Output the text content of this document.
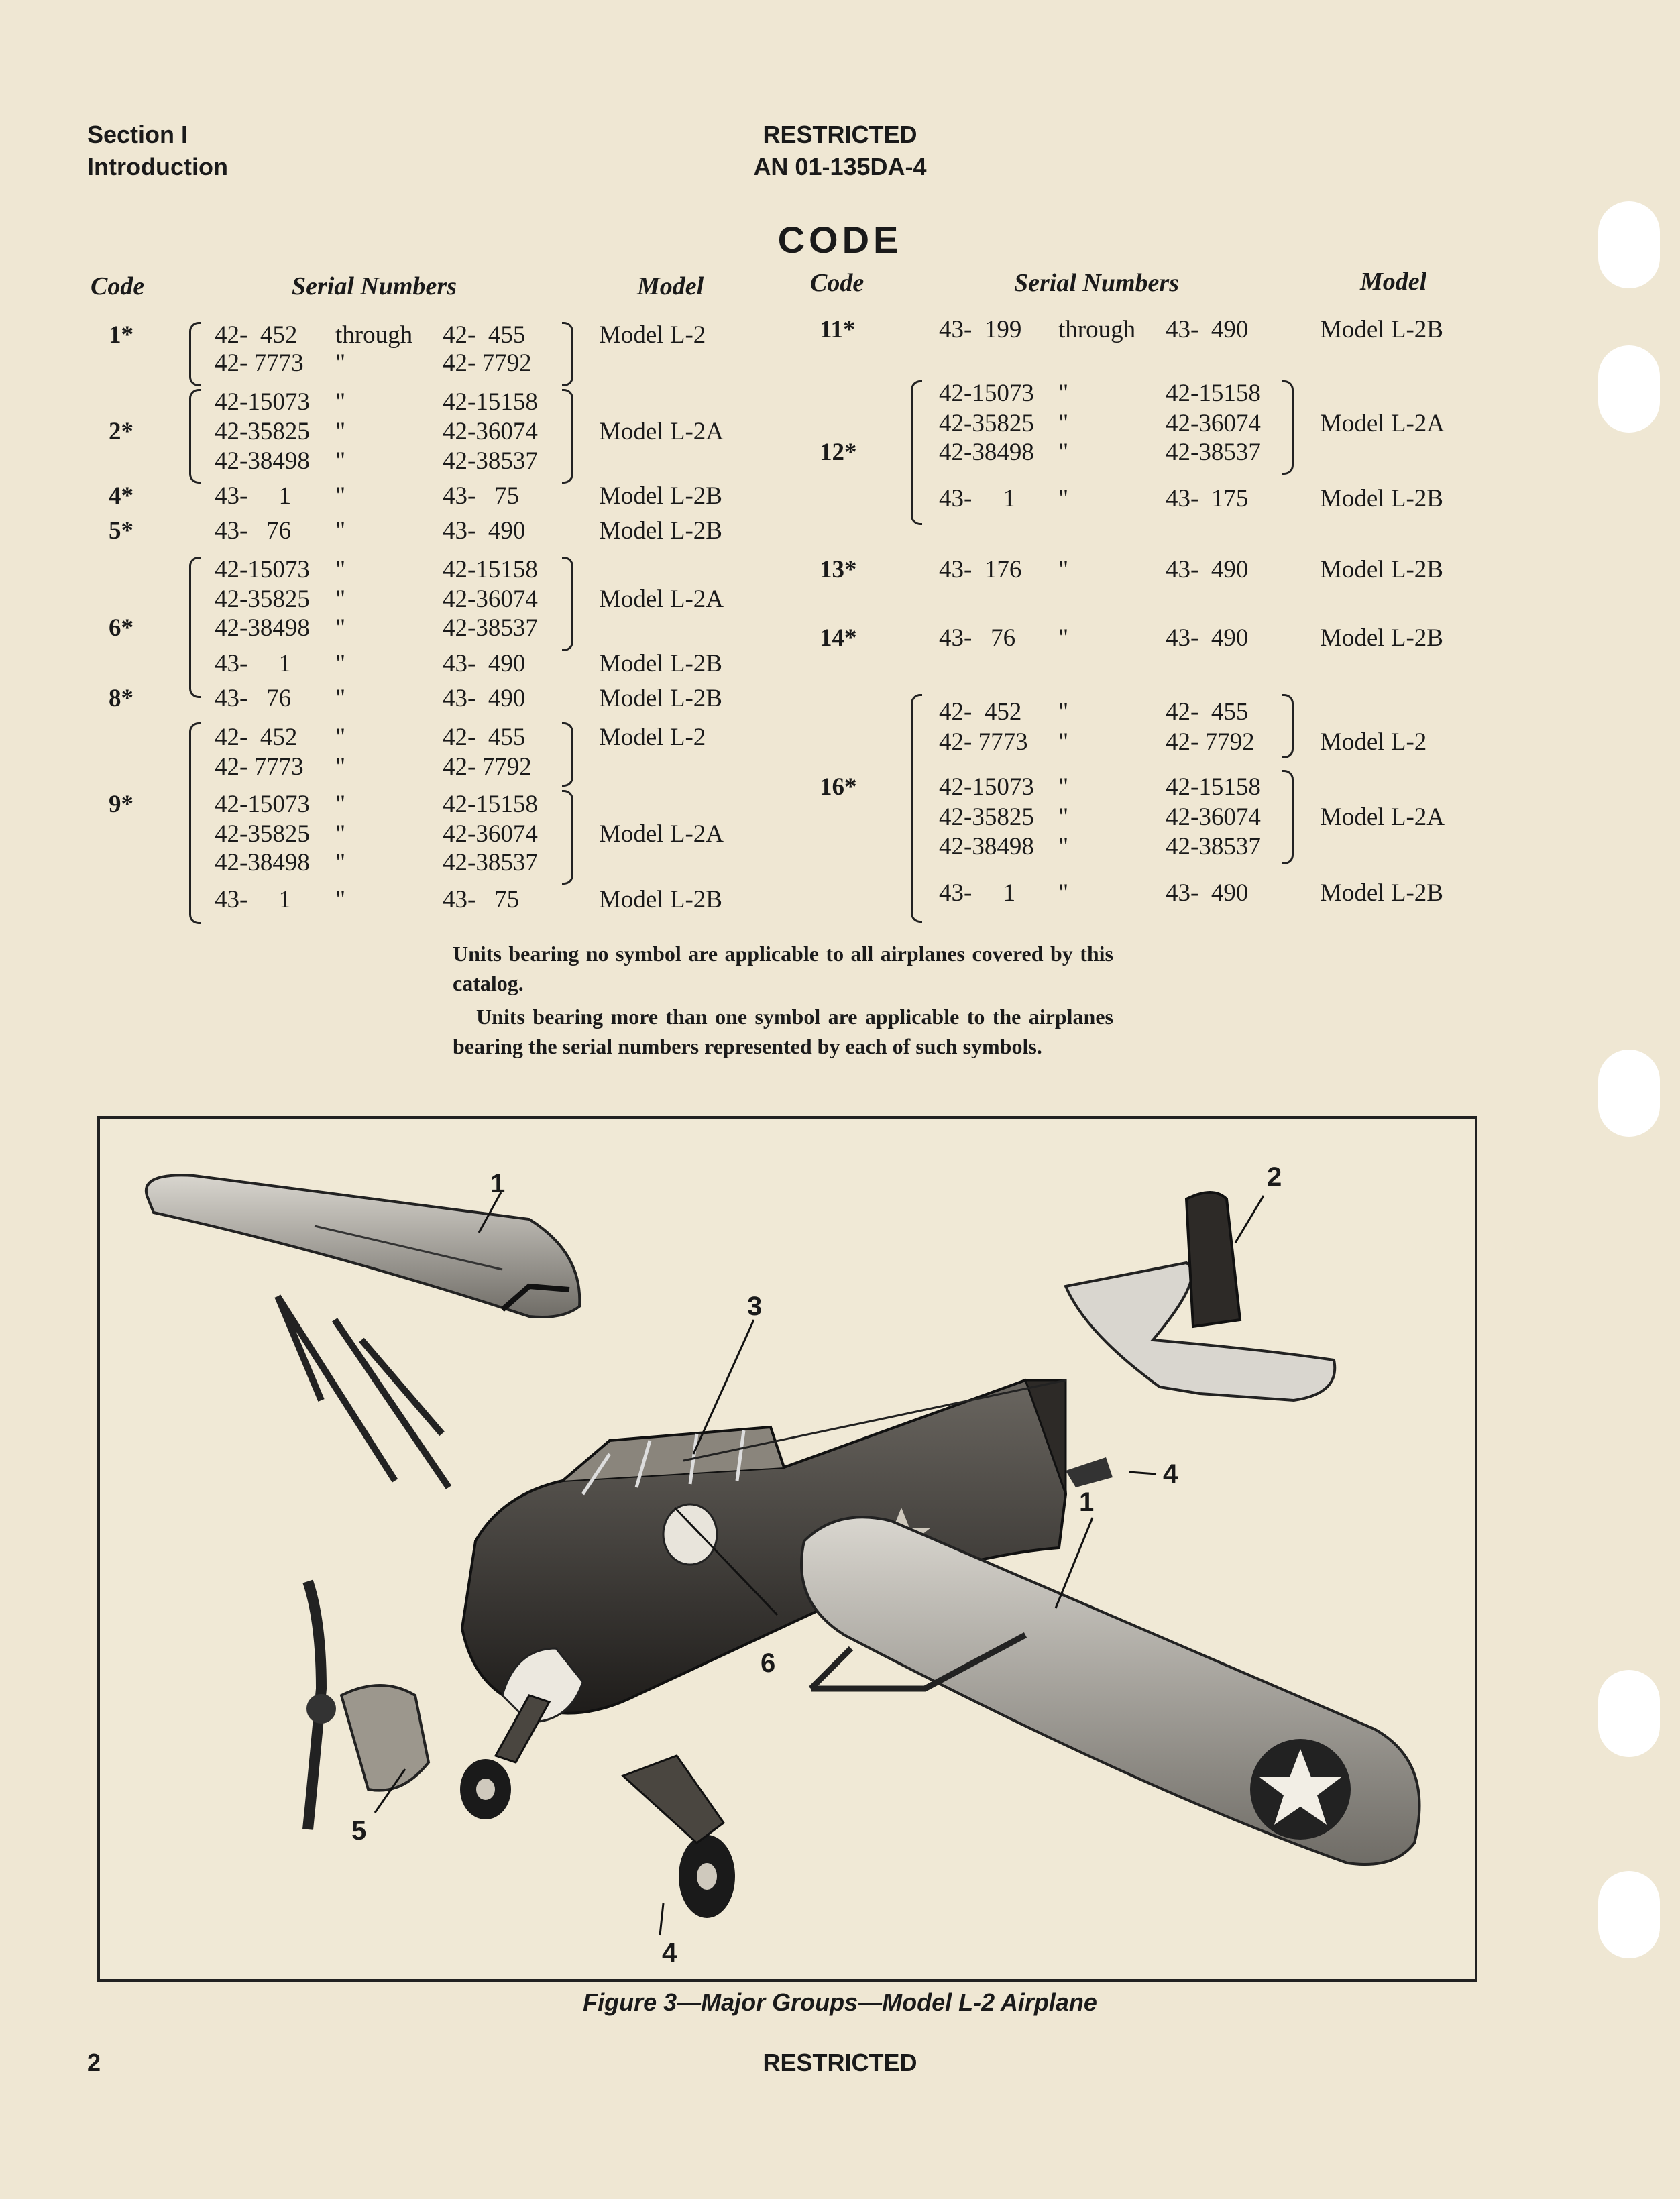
Section I
Introduction
RESTRICTED
AN 01-135DA-4
CODE
Code	Serial Numbers	Model	Code	Serial Numbers	Model
1*	42-  452 through 42-  455	Model L-2
42- 7773 "	42- 7792
42-15073 "	42-15158
2*	42-35825 "	42-36074 Model L-2A
42-38498 "	42-38537
4*	43-     1 "	43-   75	Model L-2B
5*	43-   76 "	43-  490	Model L-2B
42-15073 "	42-15158
42-35825 "	42-36074 Model L-2A
6*	42-38498 "	42-38537
43-     1 "	43-  490	Model L-2B
8*	43-   76 "	43-  490	Model L-2B
42-  452 "	42-  455	Model L-2
42- 7773 "	42- 7792
9*	42-15073 "	42-15158
42-35825 "	42-36074 Model L-2A
42-38498 "	42-38537
43-     1 "	43-   75	Model L-2B
11*	43-  199 through 43-  490	Model L-2B
42-15073 "	42-15158
42-35825 "	42-36074 Model L-2A
12*	42-38498 "	42-38537
43-     1 "	43-  175	Model L-2B
13*	43-  176 "	43-  490	Model L-2B
14*	43-   76 "	43-  490	Model L-2B
42-  452 "	42-  455
42- 7773 "	42- 7792	Model L-2
16*	42-15073 "	42-15158
42-35825 "	42-36074 Model L-2A
42-38498 "	42-38537
43-     1 "	43-  490	Model L-2B
Units bearing no symbol are applicable to all airplanes covered by this catalog.
Units bearing more than one symbol are applicable to the airplanes bearing the serial numbers represented by each of such symbols.
1	2
3
4
1
6
5
4
Figure 3—Major Groups—Model L-2 Airplane
2	RESTRICTED
